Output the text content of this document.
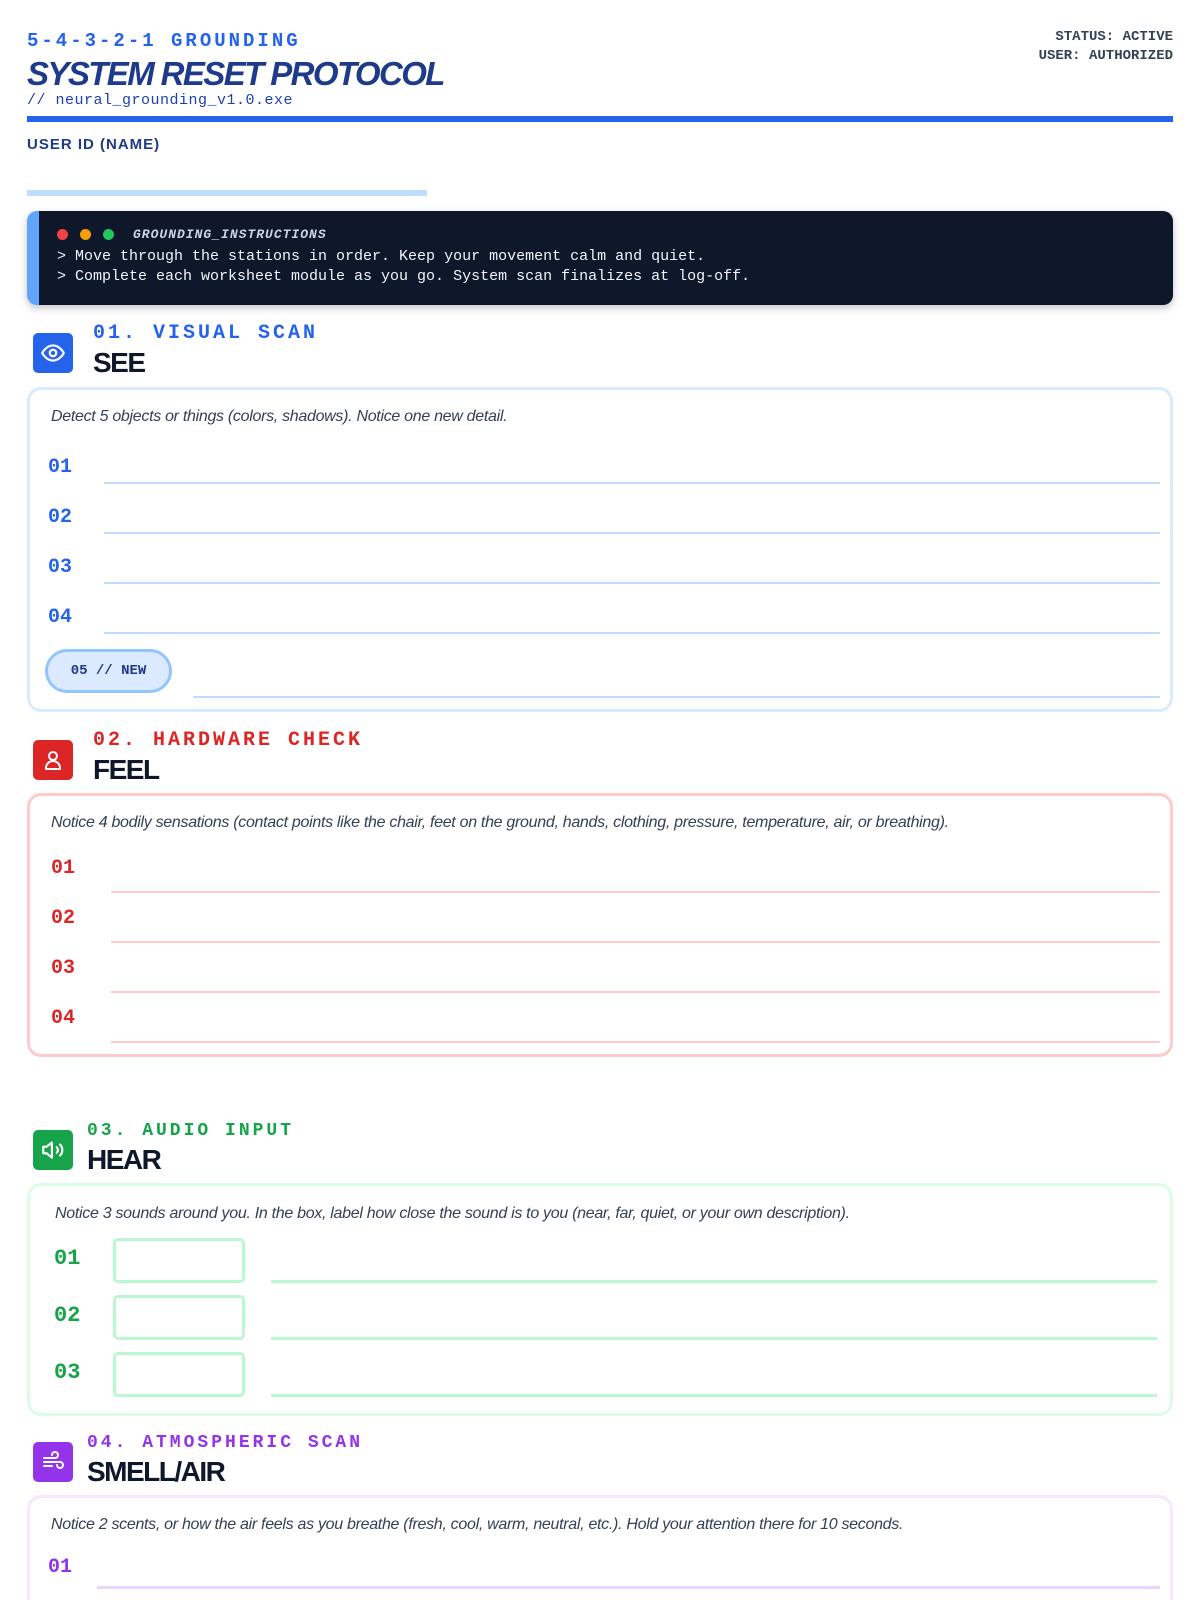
5-4-3-2-1 GROUNDING
SYSTEM RESET PROTOCOL
// neural_grounding_v1.0.exe
STATUS: ACTIVE
USER: AUTHORIZED
USER ID (NAME)
GROUNDING_INSTRUCTIONS
> Move through the stations in order. Keep your movement calm and quiet.
> Complete each worksheet module as you go. System scan finalizes at log-off.
01. VISUAL SCAN
SEE
Detect 5 objects or things (colors, shadows). Notice one new detail.
01
02
03
04
05 // NEW
02. HARDWARE CHECK
FEEL
Notice 4 bodily sensations (contact points like the chair, feet on the ground, hands, clothing, pressure, temperature, air, or breathing).
01
02
03
04
03. AUDIO INPUT
HEAR
Notice 3 sounds around you. In the box, label how close the sound is to you (near, far, quiet, or your own description).
01
02
03
04. ATMOSPHERIC SCAN
SMELL/AIR
Notice 2 scents, or how the air feels as you breathe (fresh, cool, warm, neutral, etc.). Hold your attention there for 10 seconds.
01
